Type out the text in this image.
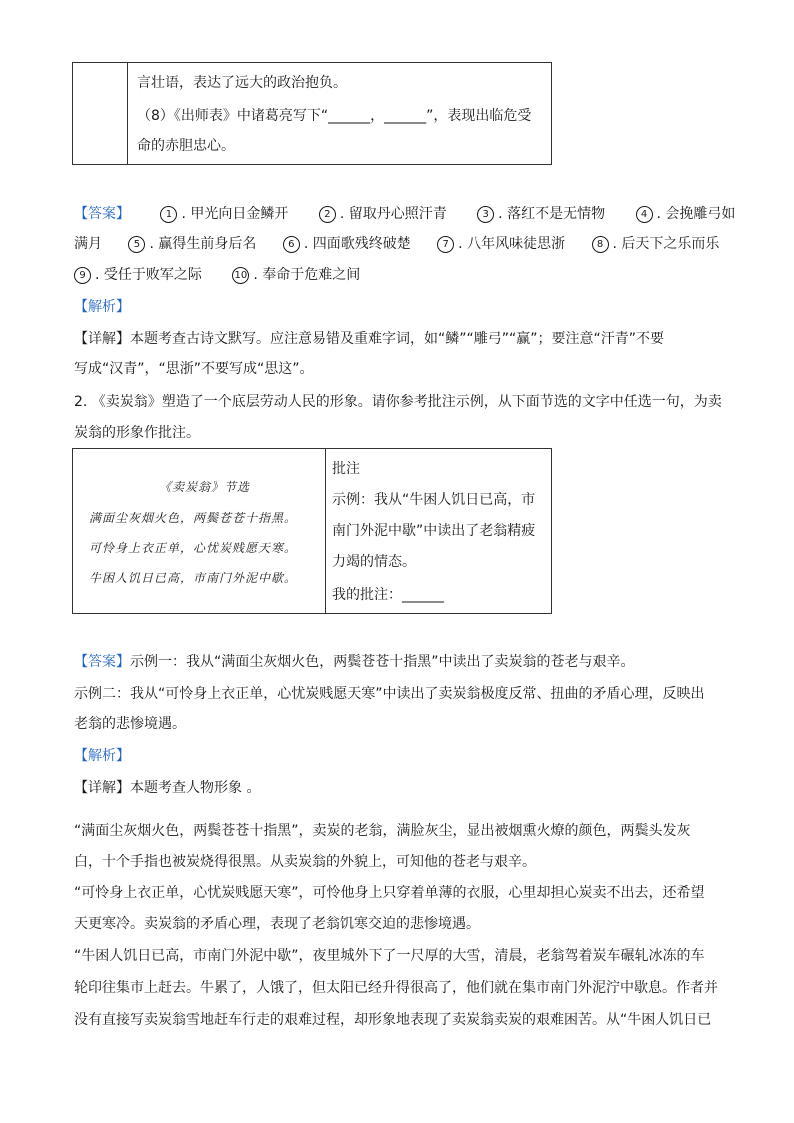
言壮语，表达了远大的政治抱负。
（8）《出师表》中诸葛亮写下“______，______”，表现出临危受
命的赤胆忠心。
【答案】	1 . 甲光向日金鳞开	2 . 留取丹心照汗青	3 . 落红不是无情物	4 . 会挽雕弓如
满月	5 . 赢得生前身后名	6 . 四面歌残终破楚	7 . 八年风味徒思浙	8 . 后天下之乐而乐
9 . 受任于败军之际	10 . 奉命于危难之间
【解析】
【详解】本题考查古诗文默写。应注意易错及重难字词，如“鳞”“雕弓”“赢”；要注意“汗青”不要
写成“汉青”，“思浙”不要写成“思这”。
2. 《卖炭翁》塑造了一个底层劳动人民的形象。请你参考批注示例，从下面节选的文字中任选一句，为卖
炭翁的形象作批注。
《卖炭翁》节选
满面尘灰烟火色，两鬓苍苍十指黑。
可怜身上衣正单，心忧炭贱愿天寒。
牛困人饥日已高，市南门外泥中歇。

批注
示例：我从“牛困人饥日已高，市
南门外泥中歇”中读出了老翁精疲
力竭的情态。
我的批注：______
【答案】示例一：我从“满面尘灰烟火色，两鬓苍苍十指黑”中读出了卖炭翁的苍老与艰辛。
示例二：我从“可怜身上衣正单，心忧炭贱愿天寒”中读出了卖炭翁极度反常、扭曲的矛盾心理，反映出
老翁的悲惨境遇。
【解析】
【详解】本题考查人物形象 。
“满面尘灰烟火色，两鬓苍苍十指黑”，卖炭的老翁，满脸灰尘，显出被烟熏火燎的颜色，两鬓头发灰
白，十个手指也被炭烧得很黑。从卖炭翁的外貌上，可知他的苍老与艰辛。
“可怜身上衣正单，心忧炭贱愿天寒”，可怜他身上只穿着单薄的衣服，心里却担心炭卖不出去，还希望
天更寒冷。卖炭翁的矛盾心理，表现了老翁饥寒交迫的悲惨境遇。
“牛困人饥日已高，市南门外泥中歇”，夜里城外下了一尺厚的大雪，清晨，老翁驾着炭车碾轧冰冻的车
轮印往集市上赶去。牛累了，人饿了，但太阳已经升得很高了，他们就在集市南门外泥泞中歇息。作者并
没有直接写卖炭翁雪地赶车行走的艰难过程，却形象地表现了卖炭翁卖炭的艰难困苦。从“牛困人饥日已
